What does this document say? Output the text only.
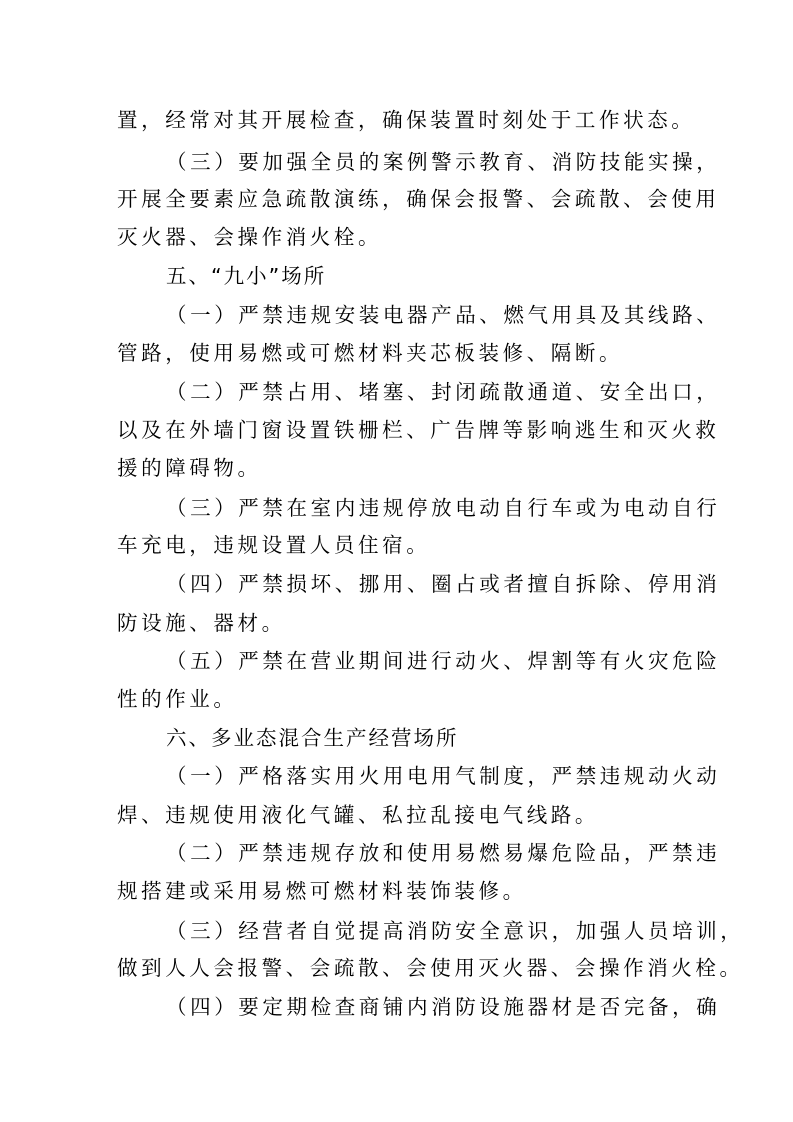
置，经常对其开展检查，确保装置时刻处于工作状态。
（三）要加强全员的案例警示教育、消防技能实操，
开展全要素应急疏散演练，确保会报警、会疏散、会使用
灭火器、会操作消火栓。
五、“九小”场所
（一）严禁违规安装电器产品、燃气用具及其线路、
管路，使用易燃或可燃材料夹芯板装修、隔断。
（二）严禁占用、堵塞、封闭疏散通道、安全出口，
以及在外墙门窗设置铁栅栏、广告牌等影响逃生和灭火救
援的障碍物。
（三）严禁在室内违规停放电动自行车或为电动自行
车充电，违规设置人员住宿。
（四）严禁损坏、挪用、圈占或者擅自拆除、停用消
防设施、器材。
（五）严禁在营业期间进行动火、焊割等有火灾危险
性的作业。
六、多业态混合生产经营场所
（一）严格落实用火用电用气制度，严禁违规动火动
焊、违规使用液化气罐、私拉乱接电气线路。
（二）严禁违规存放和使用易燃易爆危险品，严禁违
规搭建或采用易燃可燃材料装饰装修。
（三）经营者自觉提高消防安全意识，加强人员培训，
做到人人会报警、会疏散、会使用灭火器、会操作消火栓。
（四）要定期检查商铺内消防设施器材是否完备，确
